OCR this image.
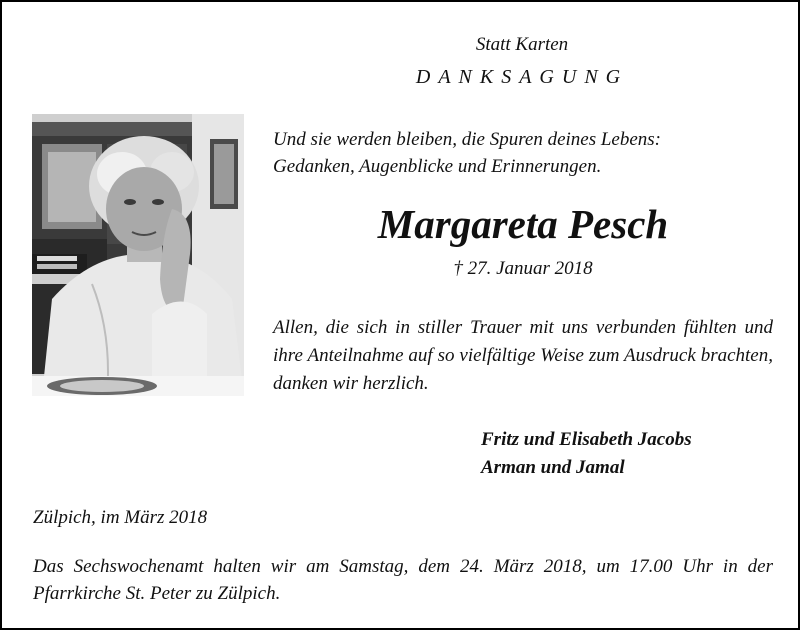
Statt Karten
DANKSAGUNG
Und sie werden bleiben, die Spuren deines Lebens:
Gedanken, Augenblicke und Erinnerungen.
Margareta Pesch
† 27. Januar 2018
Allen, die sich in stiller Trauer mit uns verbunden fühlten und ihre Anteilnahme auf so vielfältige Weise zum Ausdruck brachten, danken wir herzlich.
Fritz und Elisabeth Jacobs
Arman und Jamal
Zülpich, im März 2018
Das Sechswochenamt halten wir am Samstag, dem 24. März 2018, um 17.00 Uhr in der Pfarrkirche St. Peter zu Zülpich.
